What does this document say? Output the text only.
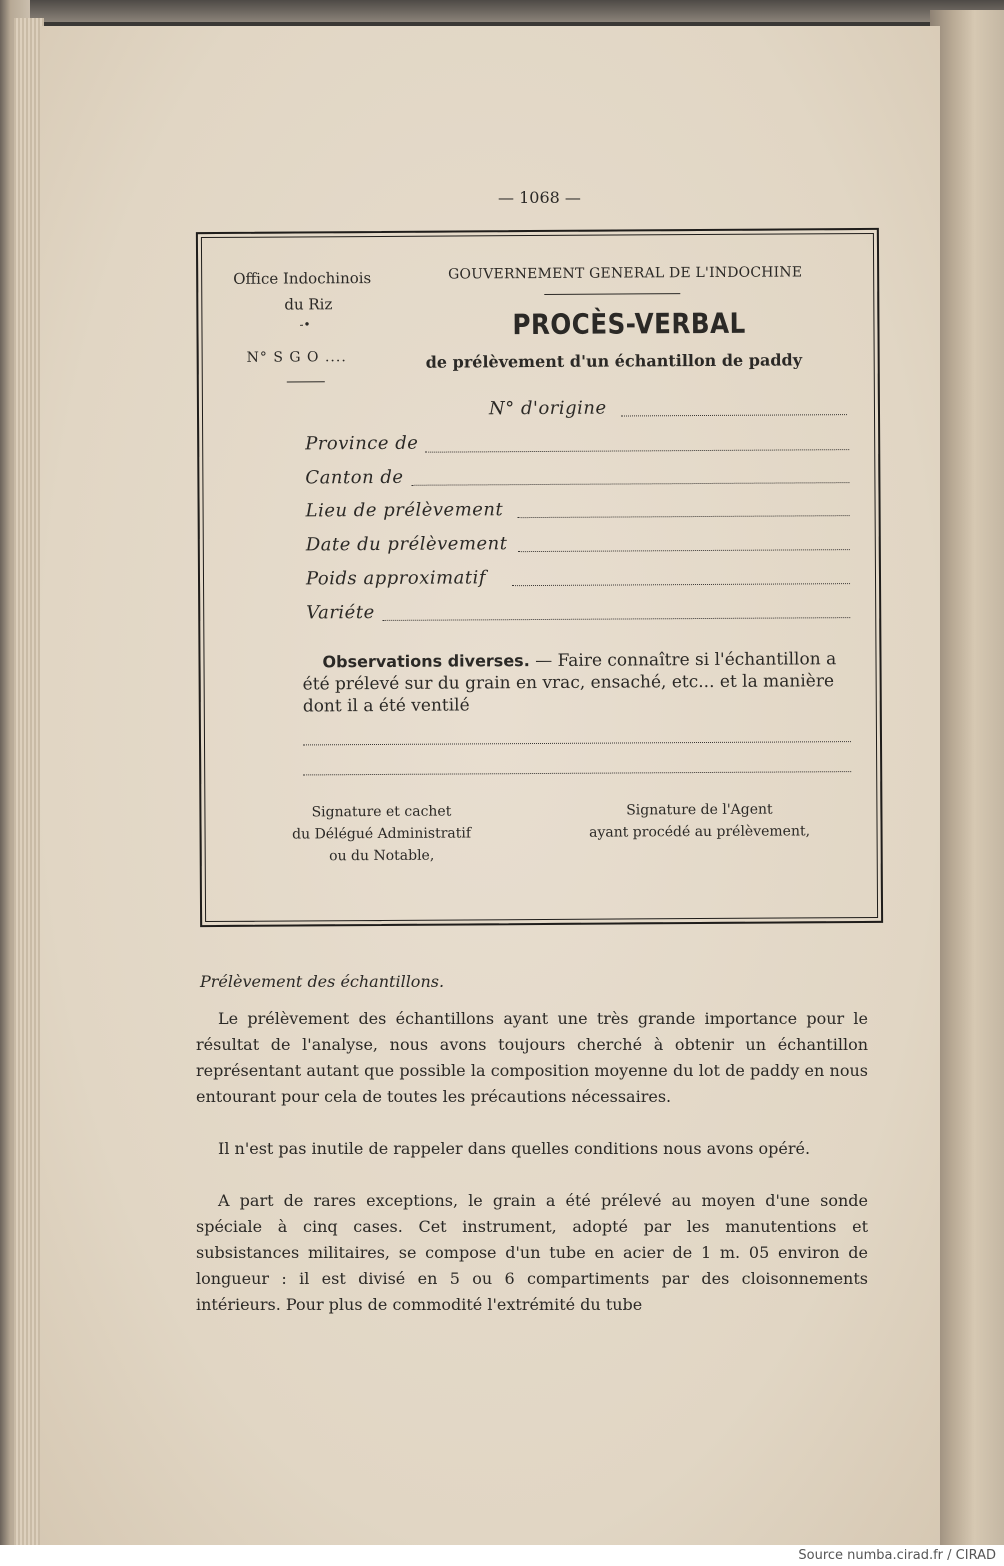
— 1068 —
Office Indochinois
du Riz
-•
N° S G O ....
GOUVERNEMENT GENERAL DE L'INDOCHINE
PROCÈS-VERBAL
de prélèvement d'un échantillon de paddy
N° d'origine
Province de
Canton de
Lieu de prélèvement
Date du prélèvement
Poids approximatif
Variéte
Observations diverses. — Faire connaître si l'échantillon a été prélevé sur du grain en vrac, ensaché, etc... et la manière dont il a été ventilé
Signature et cachet
du Délégué Administratif
ou du Notable,
Signature de l'Agent
ayant procédé au prélèvement,
Prélèvement des échantillons.
Le prélèvement des échantillons ayant une très grande importance pour le résultat de l'analyse, nous avons toujours cherché à obtenir un échantillon représentant autant que possible la composition moyenne du lot de paddy en nous entourant pour cela de toutes les précautions nécessaires.
Il n'est pas inutile de rappeler dans quelles conditions nous avons opéré.
A part de rares exceptions, le grain a été prélevé au moyen d'une sonde spéciale à cinq cases. Cet instrument, adopté par les manutentions et subsistances militaires, se compose d'un tube en acier de 1 m. 05 environ de longueur : il est divisé en 5 ou 6 compartiments par des cloisonnements intérieurs. Pour plus de commodité l'extrémité du tube
Source numba.cirad.fr / CIRAD
